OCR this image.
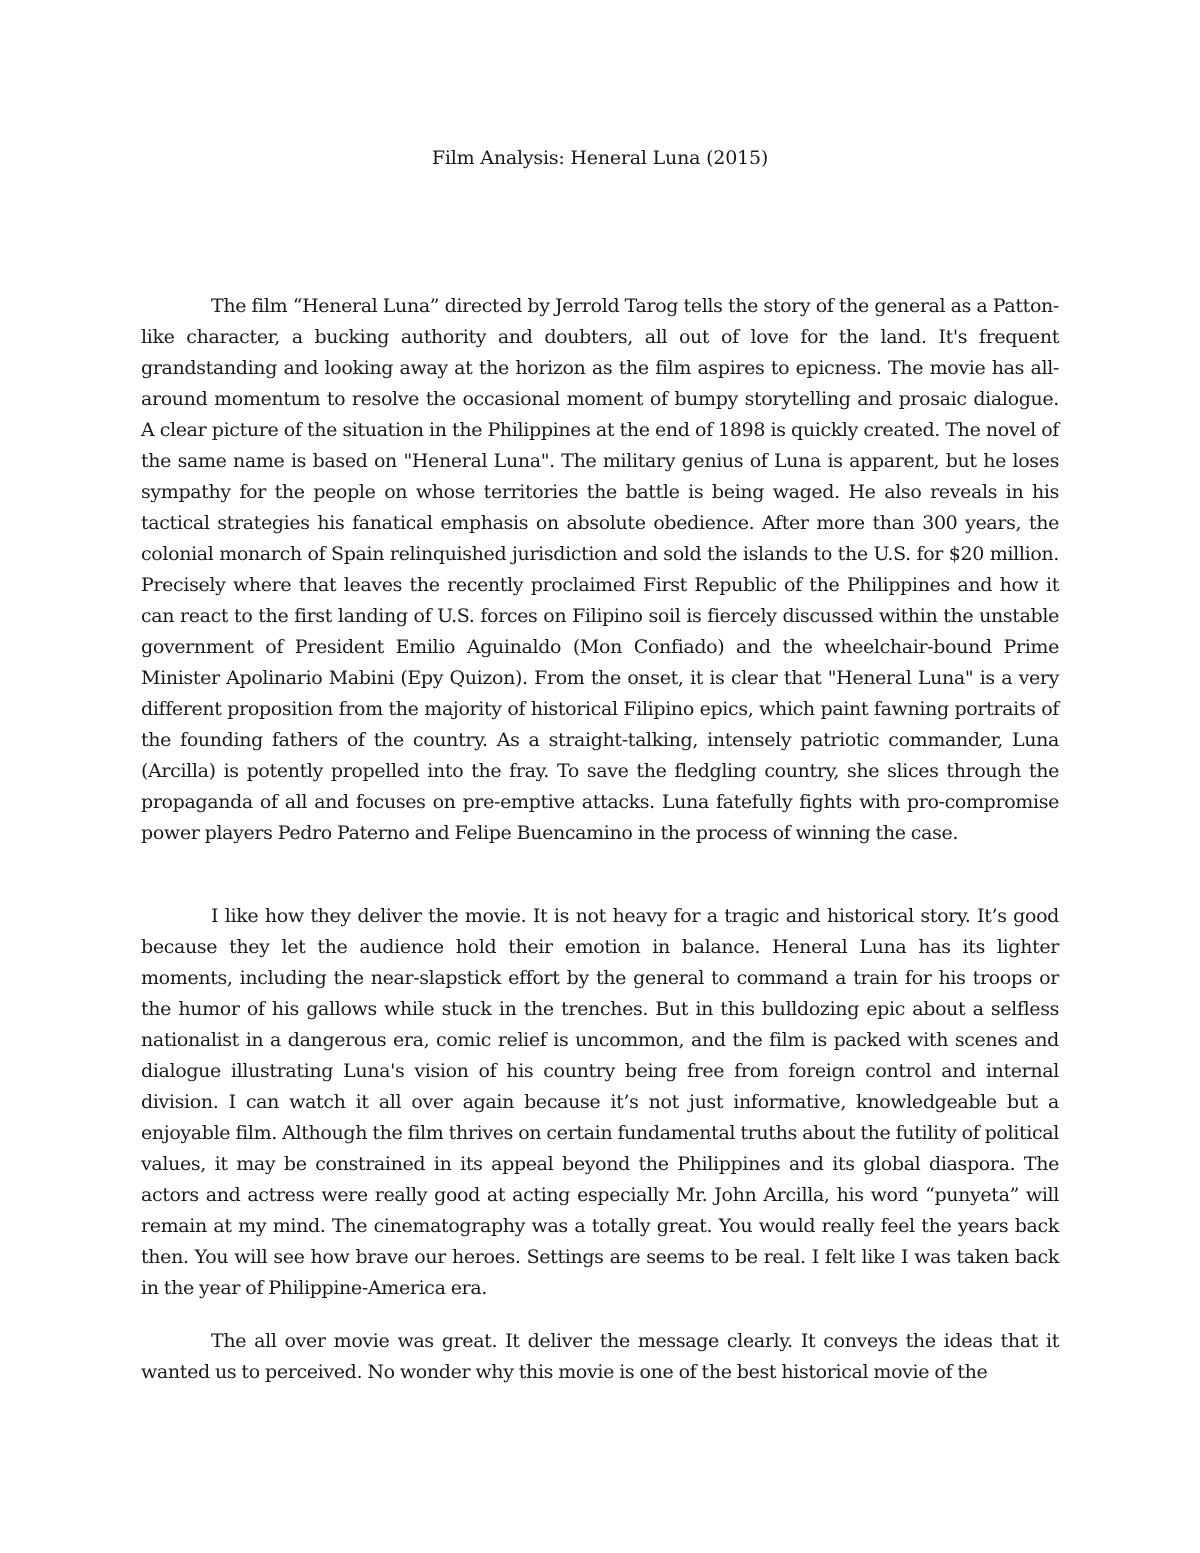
Film Analysis: Heneral Luna (2015)

The film “Heneral Luna” directed by Jerrold Tarog tells the story of the general as a Patton-like character, a bucking authority and doubters, all out of love for the land. It's frequent grandstanding and looking away at the horizon as the film aspires to epicness. The movie has all-around momentum to resolve the occasional moment of bumpy storytelling and prosaic dialogue. A clear picture of the situation in the Philippines at the end of 1898 is quickly created. The novel of the same name is based on "Heneral Luna". The military genius of Luna is apparent, but he loses sympathy for the people on whose territories the battle is being waged. He also reveals in his tactical strategies his fanatical emphasis on absolute obedience. After more than 300 years, the colonial monarch of Spain relinquished jurisdiction and sold the islands to the U.S. for $20 million. Precisely where that leaves the recently proclaimed First Republic of the Philippines and how it can react to the first landing of U.S. forces on Filipino soil is fiercely discussed within the unstable government of President Emilio Aguinaldo (Mon Confiado) and the wheelchair-bound Prime Minister Apolinario Mabini (Epy Quizon). From the onset, it is clear that "Heneral Luna" is a very different proposition from the majority of historical Filipino epics, which paint fawning portraits of the founding fathers of the country. As a straight-talking, intensely patriotic commander, Luna (Arcilla) is potently propelled into the fray. To save the fledgling country, she slices through the propaganda of all and focuses on pre-emptive attacks. Luna fatefully fights with pro-compromise power players Pedro Paterno and Felipe Buencamino in the process of winning the case.

I like how they deliver the movie. It is not heavy for a tragic and historical story. It’s good because they let the audience hold their emotion in balance. Heneral Luna has its lighter moments, including the near-slapstick effort by the general to command a train for his troops or the humor of his gallows while stuck in the trenches. But in this bulldozing epic about a selfless nationalist in a dangerous era, comic relief is uncommon, and the film is packed with scenes and dialogue illustrating Luna's vision of his country being free from foreign control and internal division. I can watch it all over again because it’s not just informative, knowledgeable but a enjoyable film. Although the film thrives on certain fundamental truths about the futility of political values, it may be constrained in its appeal beyond the Philippines and its global diaspora. The actors and actress were really good at acting especially Mr. John Arcilla, his word “punyeta” will remain at my mind. The cinematography was a totally great. You would really feel the years back then. You will see how brave our heroes. Settings are seems to be real. I felt like I was taken back in the year of Philippine-America era.

The all over movie was great. It deliver the message clearly. It conveys the ideas that it wanted us to perceived. No wonder why this movie is one of the best historical movie of the
